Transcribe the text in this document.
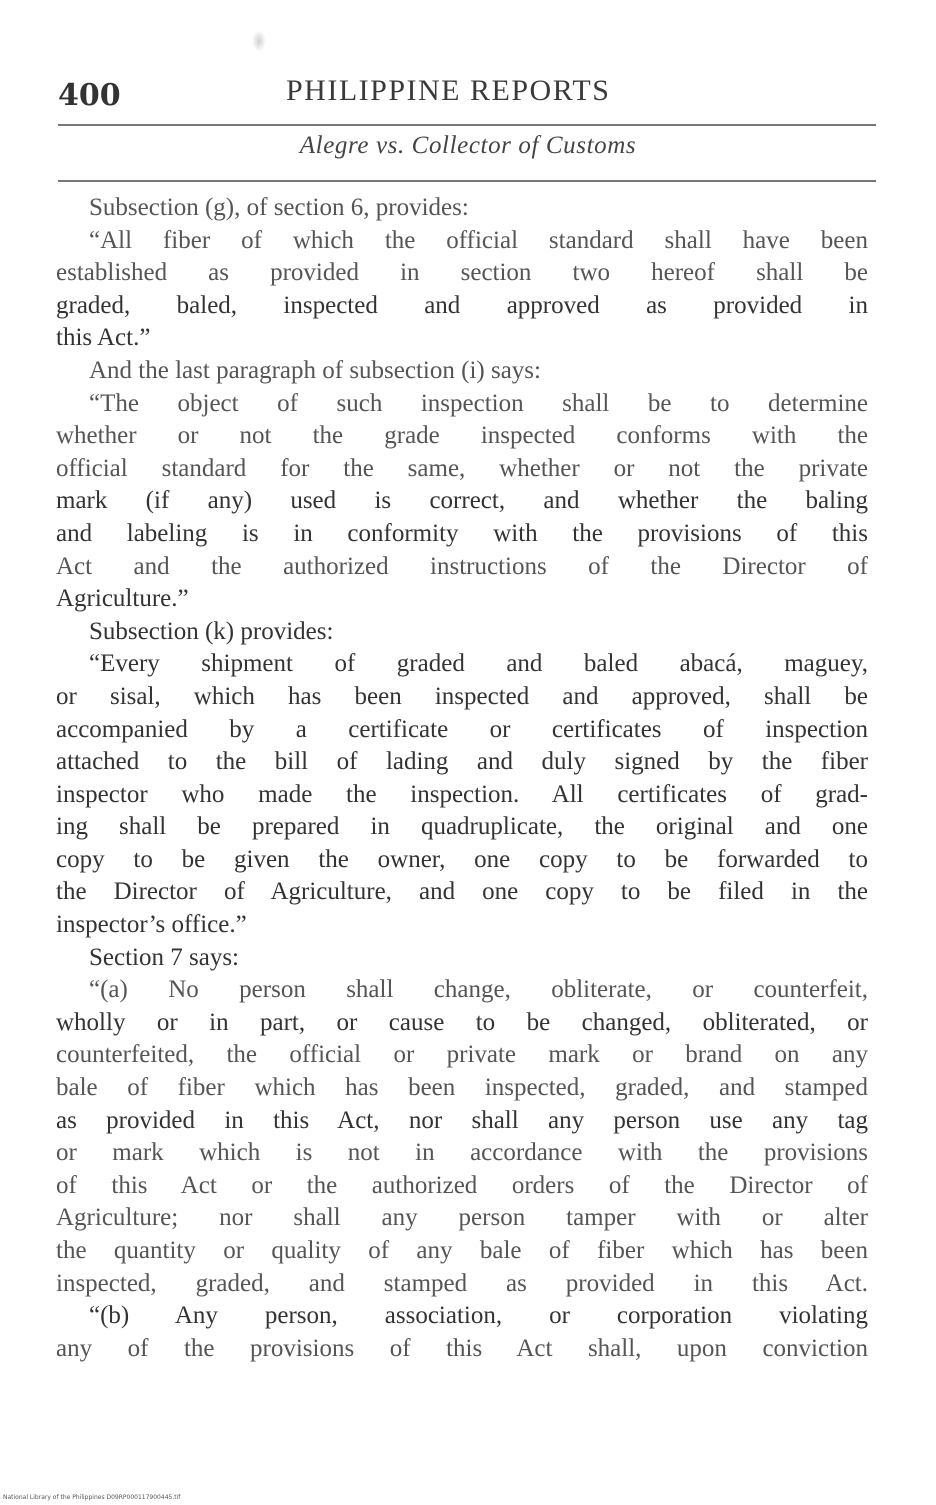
400	PHILIPPINE REPORTS
Alegre vs. Collector of Customs
Subsection (g), of section 6, provides:
“All fiber of which the official standard shall have been
established as provided in section two hereof shall be
graded, baled, inspected and approved as provided in
this Act.”
And the last paragraph of subsection (i) says:
“The object of such inspection shall be to determine
whether or not the grade inspected conforms with the
official standard for the same, whether or not the private
mark (if any) used is correct, and whether the baling
and labeling is in conformity with the provisions of this
Act and the authorized instructions of the Director of
Agriculture.”
Subsection (k) provides:
“Every shipment of graded and baled abacá, maguey,
or sisal, which has been inspected and approved, shall be
accompanied by a certificate or certificates of inspection
attached to the bill of lading and duly signed by the fiber
inspector who made the inspection. All certificates of grad-
ing shall be prepared in quadruplicate, the original and one
copy to be given the owner, one copy to be forwarded to
the Director of Agriculture, and one copy to be filed in the
inspector’s office.”
Section 7 says:
“(a) No person shall change, obliterate, or counterfeit,
wholly or in part, or cause to be changed, obliterated, or
counterfeited, the official or private mark or brand on any
bale of fiber which has been inspected, graded, and stamped
as provided in this Act, nor shall any person use any tag
or mark which is not in accordance with the provisions
of this Act or the authorized orders of the Director of
Agriculture; nor shall any person tamper with or alter
the quantity or quality of any bale of fiber which has been
inspected, graded, and stamped as provided in this Act.
“(b) Any person, association, or corporation violating
any of the provisions of this Act shall, upon conviction
National Library of the Philippines D09RP000117900445.tif
